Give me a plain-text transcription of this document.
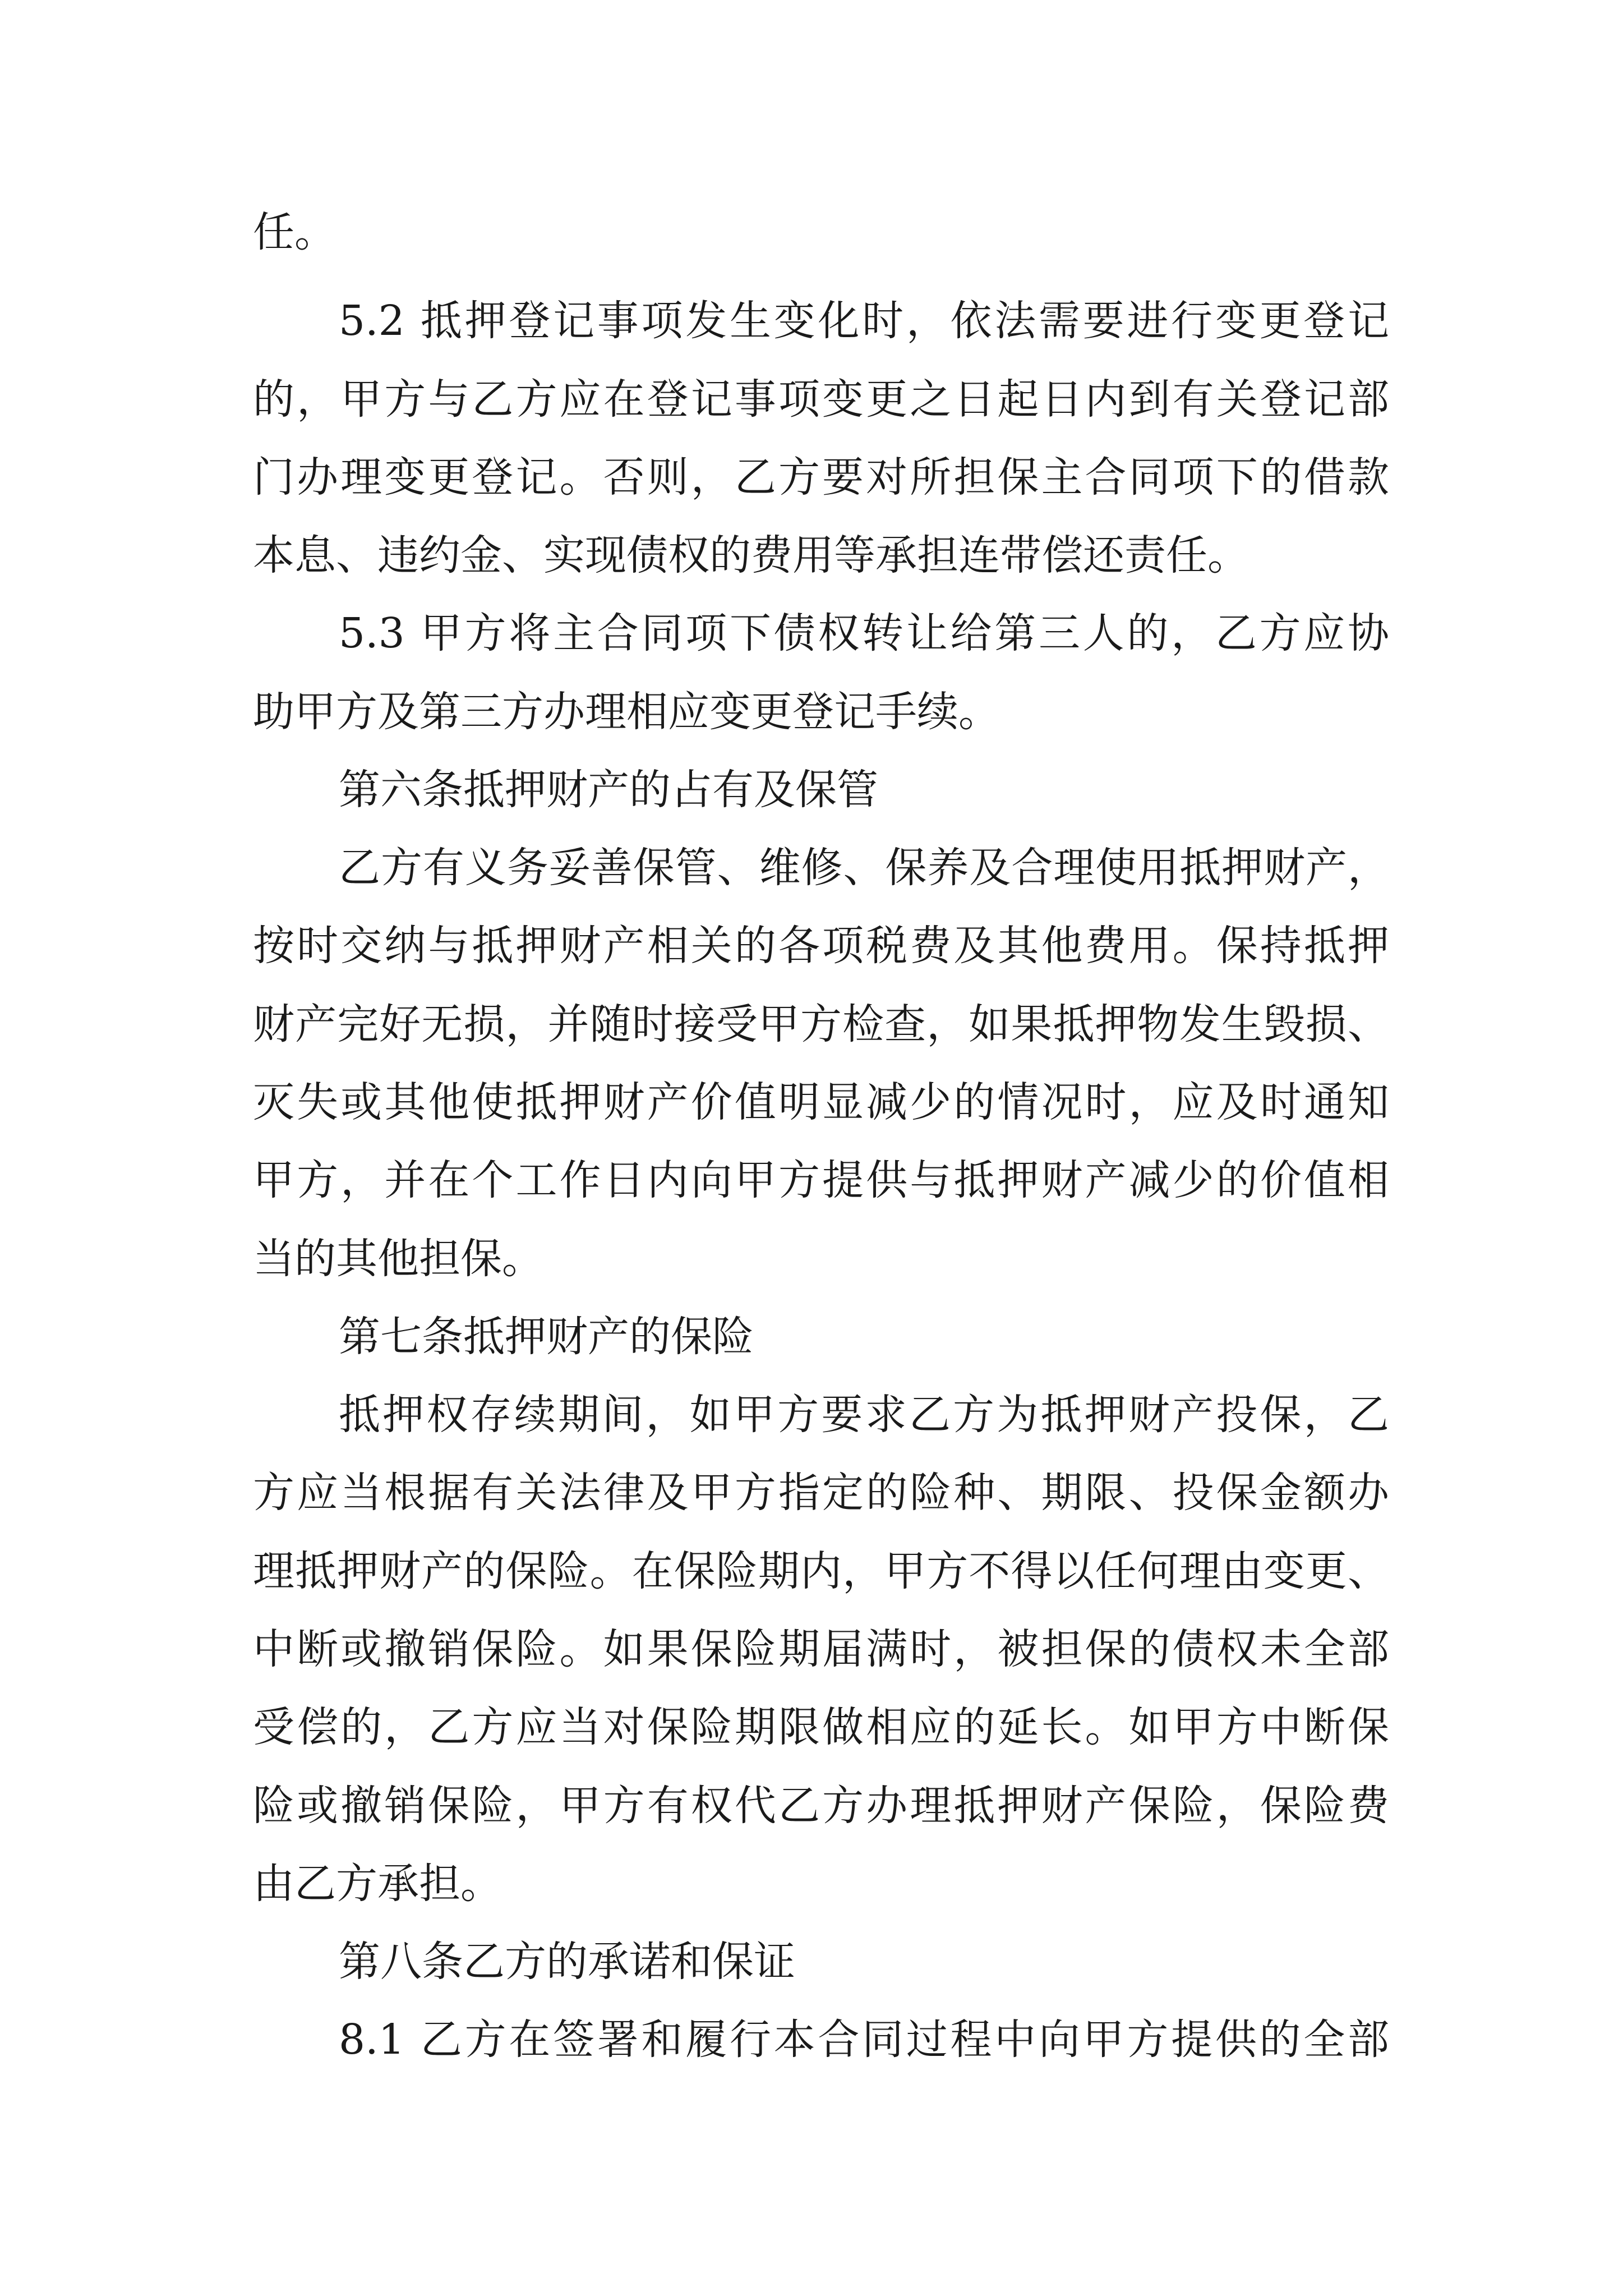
任。
5.2 抵押登记事项发生变化时，依法需要进行变更登记
的，甲方与乙方应在登记事项变更之日起日内到有关登记部
门办理变更登记。否则，乙方要对所担保主合同项下的借款
本息、违约金、实现债权的费用等承担连带偿还责任。
5.3 甲方将主合同项下债权转让给第三人的，乙方应协
助甲方及第三方办理相应变更登记手续。
第六条抵押财产的占有及保管
乙方有义务妥善保管、维修、保养及合理使用抵押财产，
按时交纳与抵押财产相关的各项税费及其他费用。保持抵押
财产完好无损，并随时接受甲方检查，如果抵押物发生毁损、
灭失或其他使抵押财产价值明显减少的情况时，应及时通知
甲方，并在个工作日内向甲方提供与抵押财产减少的价值相
当的其他担保。
第七条抵押财产的保险
抵押权存续期间，如甲方要求乙方为抵押财产投保，乙
方应当根据有关法律及甲方指定的险种、期限、投保金额办
理抵押财产的保险。在保险期内，甲方不得以任何理由变更、
中断或撤销保险。如果保险期届满时，被担保的债权未全部
受偿的，乙方应当对保险期限做相应的延长。如甲方中断保
险或撤销保险，甲方有权代乙方办理抵押财产保险，保险费
由乙方承担。
第八条乙方的承诺和保证
8.1 乙方在签署和履行本合同过程中向甲方提供的全部
